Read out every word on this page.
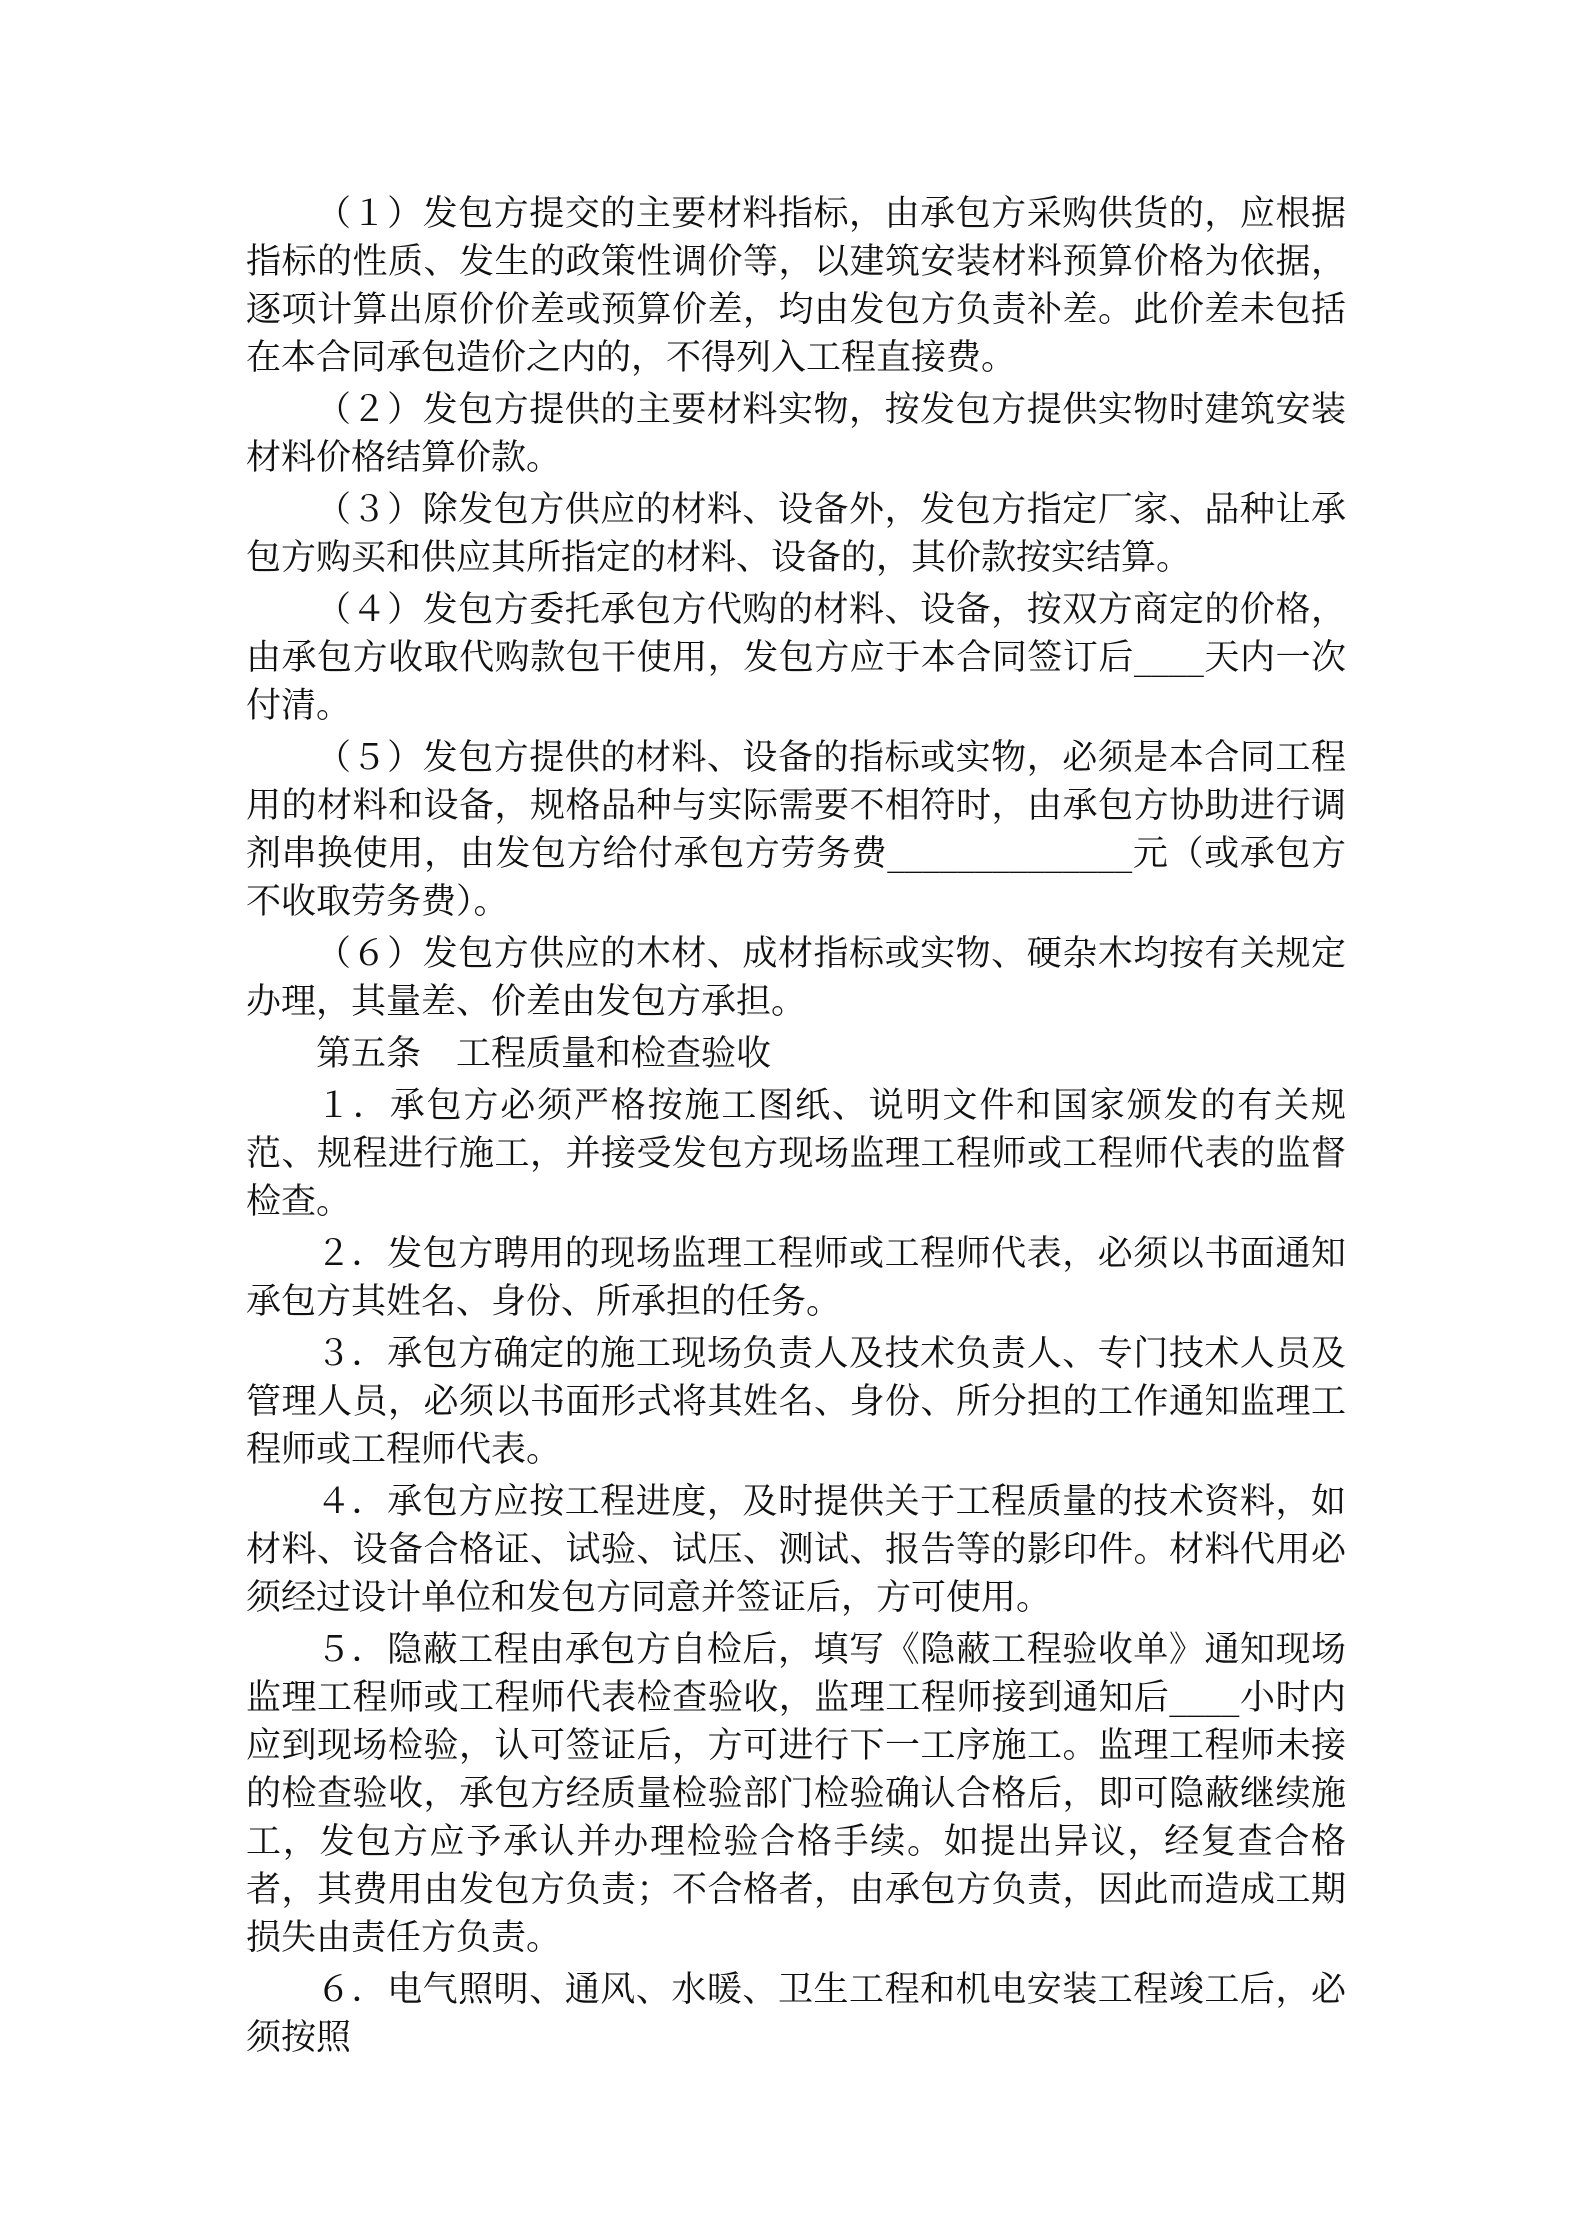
（１）发包方提交的主要材料指标，由承包方采购供货的，应根据指标的性质、发生的政策性调价等，以建筑安装材料预算价格为依据，逐项计算出原价价差或预算价差，均由发包方负责补差。此价差未包括在本合同承包造价之内的，不得列入工程直接费。

（２）发包方提供的主要材料实物，按发包方提供实物时建筑安装材料价格结算价款。

（３）除发包方供应的材料、设备外，发包方指定厂家、品种让承包方购买和供应其所指定的材料、设备的，其价款按实结算。

（４）发包方委托承包方代购的材料、设备，按双方商定的价格，由承包方收取代购款包干使用，发包方应于本合同签订后____天内一次付清。

（５）发包方提供的材料、设备的指标或实物，必须是本合同工程用的材料和设备，规格品种与实际需要不相符时，由承包方协助进行调剂串换使用，由发包方给付承包方劳务费______________元（或承包方不收取劳务费）。

（６）发包方供应的木材、成材指标或实物、硬杂木均按有关规定办理，其量差、价差由发包方承担。

第五条　工程质量和检查验收

１．承包方必须严格按施工图纸、说明文件和国家颁发的有关规范、规程进行施工，并接受发包方现场监理工程师或工程师代表的监督检查。

２．发包方聘用的现场监理工程师或工程师代表，必须以书面通知承包方其姓名、身份、所承担的任务。

３．承包方确定的施工现场负责人及技术负责人、专门技术人员及管理人员，必须以书面形式将其姓名、身份、所分担的工作通知监理工程师或工程师代表。

４．承包方应按工程进度，及时提供关于工程质量的技术资料，如材料、设备合格证、试验、试压、测试、报告等的影印件。材料代用必须经过设计单位和发包方同意并签证后，方可使用。

５．隐蔽工程由承包方自检后，填写《隐蔽工程验收单》通知现场监理工程师或工程师代表检查验收，监理工程师接到通知后____小时内应到现场检验，认可签证后，方可进行下一工序施工。监理工程师未接的检查验收，承包方经质量检验部门检验确认合格后，即可隐蔽继续施工，发包方应予承认并办理检验合格手续。如提出异议，经复查合格者，其费用由发包方负责；不合格者，由承包方负责，因此而造成工期损失由责任方负责。

６．电气照明、通风、水暖、卫生工程和机电安装工程竣工后，必须按照
